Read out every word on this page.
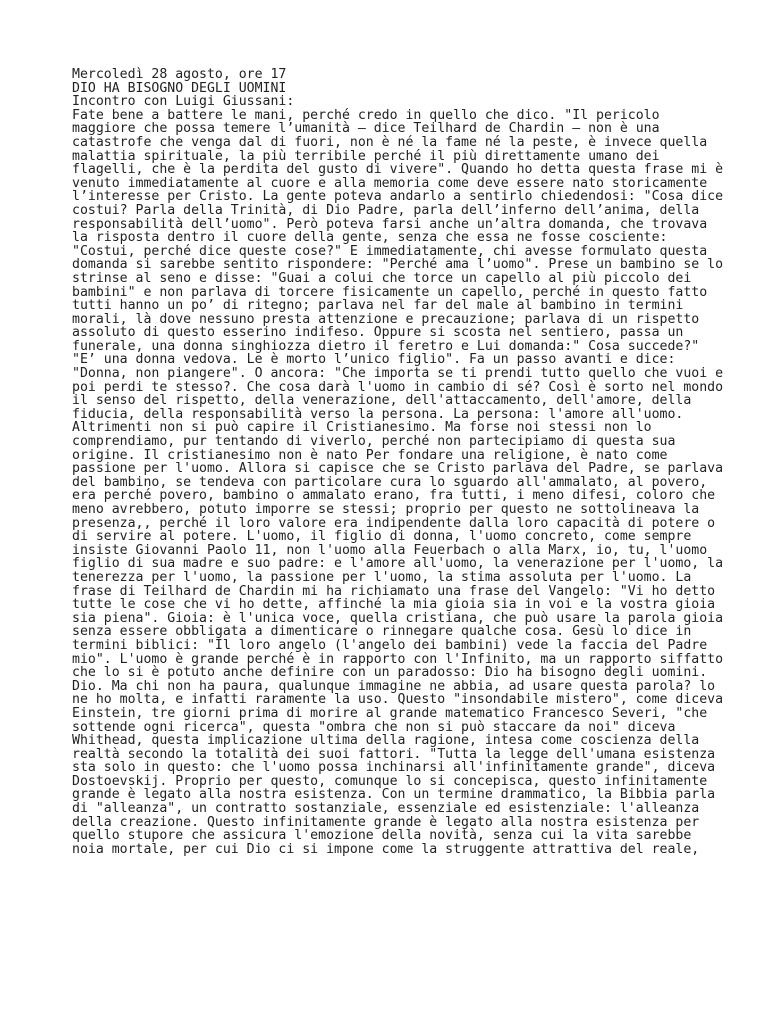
Mercoledì 28 agosto, ore 17
DIO HA BISOGNO DEGLI UOMINI
Incontro con Luigi Giussani:
Fate bene a battere le mani, perché credo in quello che dico. "Il pericolo
maggiore che possa temere l’umanità – dice Teilhard de Chardin – non è una
catastrofe che venga dal di fuori, non è né la fame né la peste, è invece quella
malattia spirituale, la più terribile perché il più direttamente umano dei
flagelli, che è la perdita del gusto di vivere". Quando ho detta questa frase mi è
venuto immediatamente al cuore e alla memoria come deve essere nato storicamente
l’interesse per Cristo. La gente poteva andarlo a sentirlo chiedendosi: "Cosa dice
costui? Parla della Trinità, di Dio Padre, parla dell’inferno dell’anima, della
responsabilità dell’uomo". Però poteva farsi anche un’altra domanda, che trovava
la risposta dentro il cuore della gente, senza che essa ne fosse cosciente:
"Costui, perché dice queste cose?" E immediatamente, chi avesse formulato questa
domanda si sarebbe sentito rispondere: "Perché ama l’uomo". Prese un bambino se lo
strinse al seno e disse: "Guai a colui che torce un capello al più piccolo dei
bambini" e non parlava di torcere fisicamente un capello, perché in questo fatto
tutti hanno un po’ di ritegno; parlava nel far del male al bambino in termini
morali, là dove nessuno presta attenzione e precauzione; parlava di un rispetto
assoluto di questo esserino indifeso. Oppure si scosta nel sentiero, passa un
funerale, una donna singhiozza dietro il feretro e Lui domanda:" Cosa succede?"
"E’ una donna vedova. Le è morto l’unico figlio". Fa un passo avanti e dice:
"Donna, non piangere". O ancora: "Che importa se ti prendi tutto quello che vuoi e
poi perdi te stesso?. Che cosa darà l'uomo in cambio di sé? Così è sorto nel mondo
il senso del rispetto, della venerazione, dell'attaccamento, dell'amore, della
fiducia, della responsabilità verso la persona. La persona: l'amore all'uomo.
Altrimenti non si può capire il Cristianesimo. Ma forse noi stessi non lo
comprendiamo, pur tentando di viverlo, perché non partecipiamo di questa sua
origine. Il cristianesimo non è nato Per fondare una religione, è nato come
passione per l'uomo. Allora si capisce che se Cristo parlava del Padre, se parlava
del bambino, se tendeva con particolare cura lo sguardo all'ammalato, al povero,
era perché povero, bambino o ammalato erano, fra tutti, i meno difesi, coloro che
meno avrebbero, potuto imporre se stessi; proprio per questo ne sottolineava la
presenza,, perché il loro valore era indipendente dalla loro capacità di potere o
di servire al potere. L'uomo, il figlio di donna, l'uomo concreto, come sempre
insiste Giovanni Paolo 11, non l'uomo alla Feuerbach o alla Marx, io, tu, l'uomo
figlio di sua madre e suo padre: e l'amore all'uomo, la venerazione per l'uomo, la
tenerezza per l'uomo, la passione per l'uomo, la stima assoluta per l'uomo. La
frase di Teilhard de Chardin mi ha richiamato una frase del Vangelo: "Vi ho detto
tutte le cose che vi ho dette, affinché la mia gioia sia in voi e la vostra gioia
sia piena". Gioia: è l'unica voce, quella cristiana, che può usare la parola gioia
senza essere obbligata a dimenticare o rinnegare qualche cosa. Gesù lo dice in
termini biblici: "Il loro angelo (l'angelo dei bambini) vede la faccia del Padre
mio". L'uomo è grande perché è in rapporto con l'Infinito, ma un rapporto siffatto
che lo si è potuto anche definire con un paradosso: Dio ha bisogno degli uomini.
Dio. Ma chi non ha paura, qualunque immagine ne abbia, ad usare questa parola? lo
ne ho molta, e infatti raramente la uso. Questo "insondabile mistero", come diceva
Einstein, tre giorni prima di morire al grande matematico Francesco Severi, "che
sottende ogni ricerca", questa "ombra che non si può staccare da noi" diceva
Whithead, questa implicazione ultima della ragione, intesa come coscienza della
realtà secondo la totalità dei suoi fattori. "Tutta la legge dell'umana esistenza
sta solo in questo: che l'uomo possa inchinarsi all'infinitamente grande", diceva
Dostoevskij. Proprio per questo, comunque lo si concepisca, questo infinitamente
grande è legato alla nostra esistenza. Con un termine drammatico, la Bibbia parla
di "alleanza", un contratto sostanziale, essenziale ed esistenziale: l'alleanza
della creazione. Questo infinitamente grande è legato alla nostra esistenza per
quello stupore che assicura l'emozione della novità, senza cui la vita sarebbe
noia mortale, per cui Dio ci si impone come la struggente attrattiva del reale,
